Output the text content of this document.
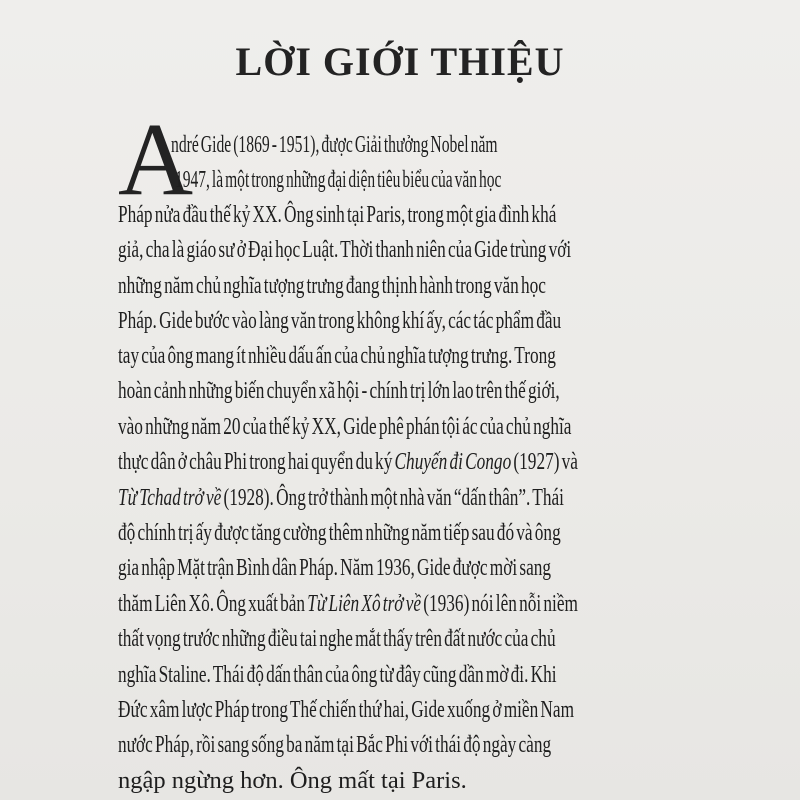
LỜI GIỚI THIỆU
A
ndré Gide (1869 - 1951), được Giải thưởng Nobel năm
1947, là một trong những đại diện tiêu biểu của văn học
Pháp nửa đầu thế kỷ XX. Ông sinh tại Paris, trong một gia đình khá
giả, cha là giáo sư ở Đại học Luật. Thời thanh niên của Gide trùng với
những năm chủ nghĩa tượng trưng đang thịnh hành trong văn học
Pháp. Gide bước vào làng văn trong không khí ấy, các tác phẩm đầu
tay của ông mang ít nhiều dấu ấn của chủ nghĩa tượng trưng. Trong
hoàn cảnh những biến chuyển xã hội - chính trị lớn lao trên thế giới,
vào những năm 20 của thế kỷ XX, Gide phê phán tội ác của chủ nghĩa
thực dân ở châu Phi trong hai quyển du ký Chuyến đi Congo (1927) và
Từ Tchad trở về (1928). Ông trở thành một nhà văn “dấn thân”. Thái
độ chính trị ấy được tăng cường thêm những năm tiếp sau đó và ông
gia nhập Mặt trận Bình dân Pháp. Năm 1936, Gide được mời sang
thăm Liên Xô. Ông xuất bản Từ Liên Xô trở về (1936) nói lên nỗi niềm
thất vọng trước những điều tai nghe mắt thấy trên đất nước của chủ
nghĩa Staline. Thái độ dấn thân của ông từ đây cũng dần mờ đi. Khi
Đức xâm lược Pháp trong Thế chiến thứ hai, Gide xuống ở miền Nam
nước Pháp, rồi sang sống ba năm tại Bắc Phi với thái độ ngày càng
ngập ngừng hơn. Ông mất tại Paris.
